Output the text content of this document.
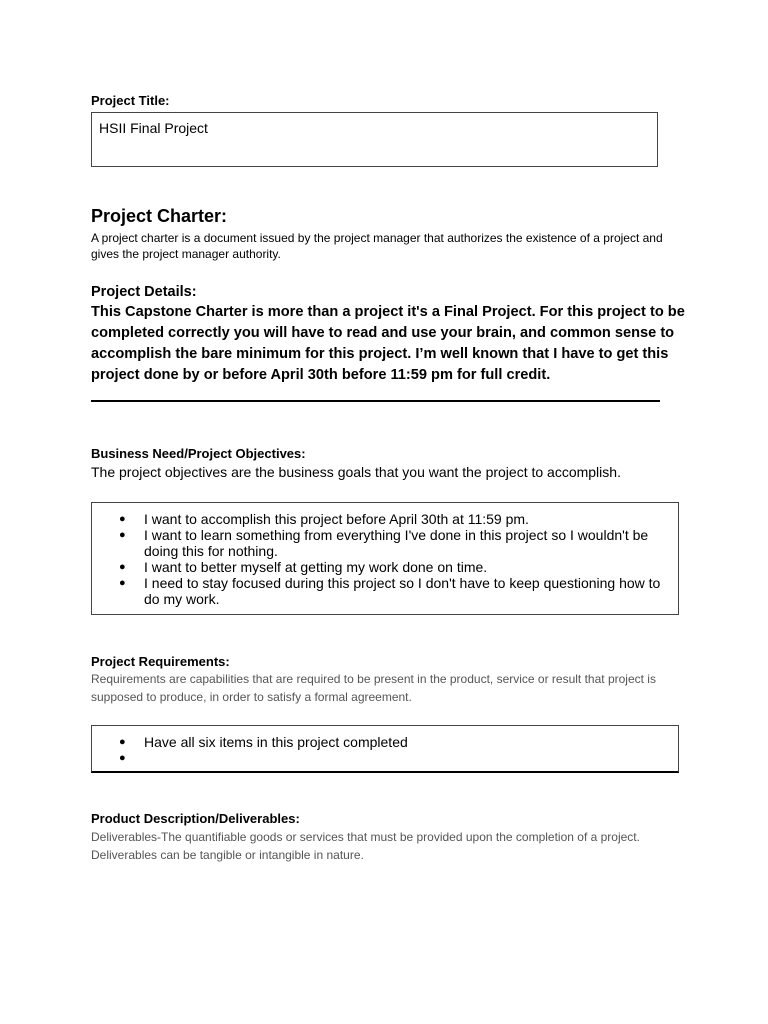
Project Title:
HSII Final Project
Project Charter:
A project charter is a document issued by the project manager that authorizes the existence of a project and gives the project manager authority.
Project Details:
This Capstone Charter is more than a project it's a Final Project. For this project to be completed correctly you will have to read and use your brain, and common sense to accomplish the bare minimum for this project. I’m well known that I have to get this project done by or before April 30th before 11:59 pm for full credit.
Business Need/Project Objectives:
The project objectives are the business goals that you want the project to accomplish.
● I want to accomplish this project before April 30th at 11:59 pm.
● I want to learn something from everything I've done in this project so I wouldn't be doing this for nothing.
● I want to better myself at getting my work done on time.
● I need to stay focused during this project so I don't have to keep questioning how to do my work.
Project Requirements:
Requirements are capabilities that are required to be present in the product, service or result that project is supposed to produce, in order to satisfy a formal agreement.
● Have all six items in this project completed
●
Product Description/Deliverables:
Deliverables-The quantifiable goods or services that must be provided upon the completion of a project. Deliverables can be tangible or intangible in nature.
